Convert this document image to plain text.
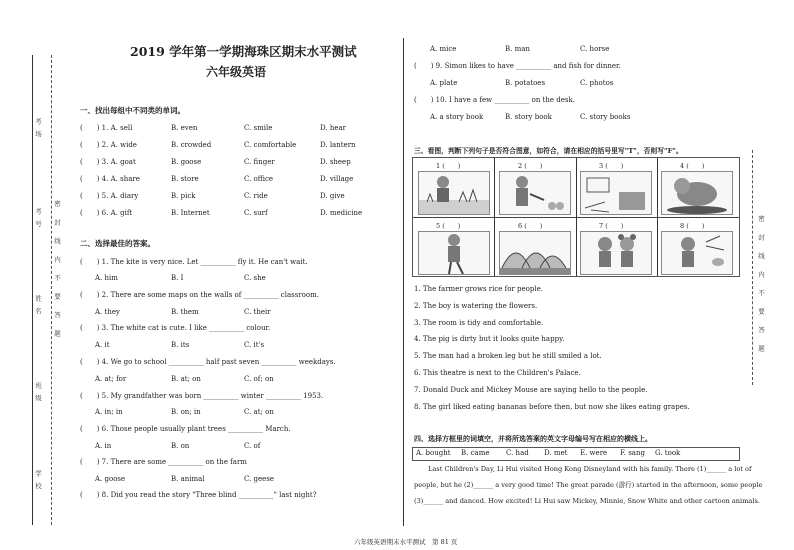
考场
考号 密 封 线 内 不 要 答 题
姓名
班级
学校
密 封 线 内 不 要 答 题
2019 学年第一学期海珠区期末水平测试
六年级英语
一、找出每组中不同类的单词。
(　　) 1. A. sell	B. even	C. smile	D. hear
(　　) 2. A. wide	B. crowded	C. comfortable	D. lantern
(　　) 3. A. goat	B. goose	C. finger	D. sheep
(　　) 4. A. share	B. store	C. office	D. village
(　　) 5. A. diary	B. pick	C. ride	D. give
(　　) 6. A. gift	B. Internet	C. surf	D. medicine
二、选择最佳的答案。
(　　) 1. The kite is very nice. Let __________ fly it. He can't wait.
A. him	B. I	C. she
(　　) 2. There are some maps on the walls of __________ classroom.
A. they	B. them	C. their
(　　) 3. The white cat is cute. I like __________ colour.
A. it	B. its	C. it's
(　　) 4. We go to school __________ half past seven __________ weekdays.
A. at; for	B. at; on	C. of; on
(　　) 5. My grandfather was born __________ winter __________ 1953.
A. in; in	B. on; in	C. at; on
(　　) 6. Those people usually plant trees __________ March.
A. in	B. on	C. of
(　　) 7. There are some __________ on the farm
A. goose	B. animal	C. geese
(　　) 8. Did you read the story "Three blind __________" last night?
A. mice	B. man	C. horse
(　　) 9. Simon likes to have __________ and fish for dinner.
A. plate	B. potatoes	C. photos
(　　) 10. I have a few __________ on the desk.
A. a story book	B. story book	C. story books
三、看图，判断下列句子是否符合图意，如符合，请在相应的括号里写"T"，否则写"F"。
1 (　　)	2 (　　)	3 (　　)	4 (　　)
5 (　　)	6 (　　)	7 (　　)	8 (　　)
1. The farmer grows rice for people.
2. The boy is watering the flowers.
3. The room is tidy and comfortable.
4. The pig is dirty but it looks quite happy.
5. The man had a broken leg but he still smiled a lot.
6. This theatre is next to the Children's Palace.
7. Donald Duck and Mickey Mouse are saying hello to the people.
8. The girl liked eating bananas before then, but now she likes eating grapes.
四、选择方框里的词填空，并将所选答案的英文字母编号写在相应的横线上。
A. bought B. came C. had D. met E. were F. sang G. took
Last Children's Day, Li Hui visited Hong Kong Disneyland with his family. There (1)______ a lot of
people, but he (2)______ a very good time! The great parade (游行) started in the afternoon, some people
(3)______ and danced. How excited! Li Hui saw Mickey, Minnie, Snow White and other cartoon animals.
六年级英语期末水平测试　第 81 页
